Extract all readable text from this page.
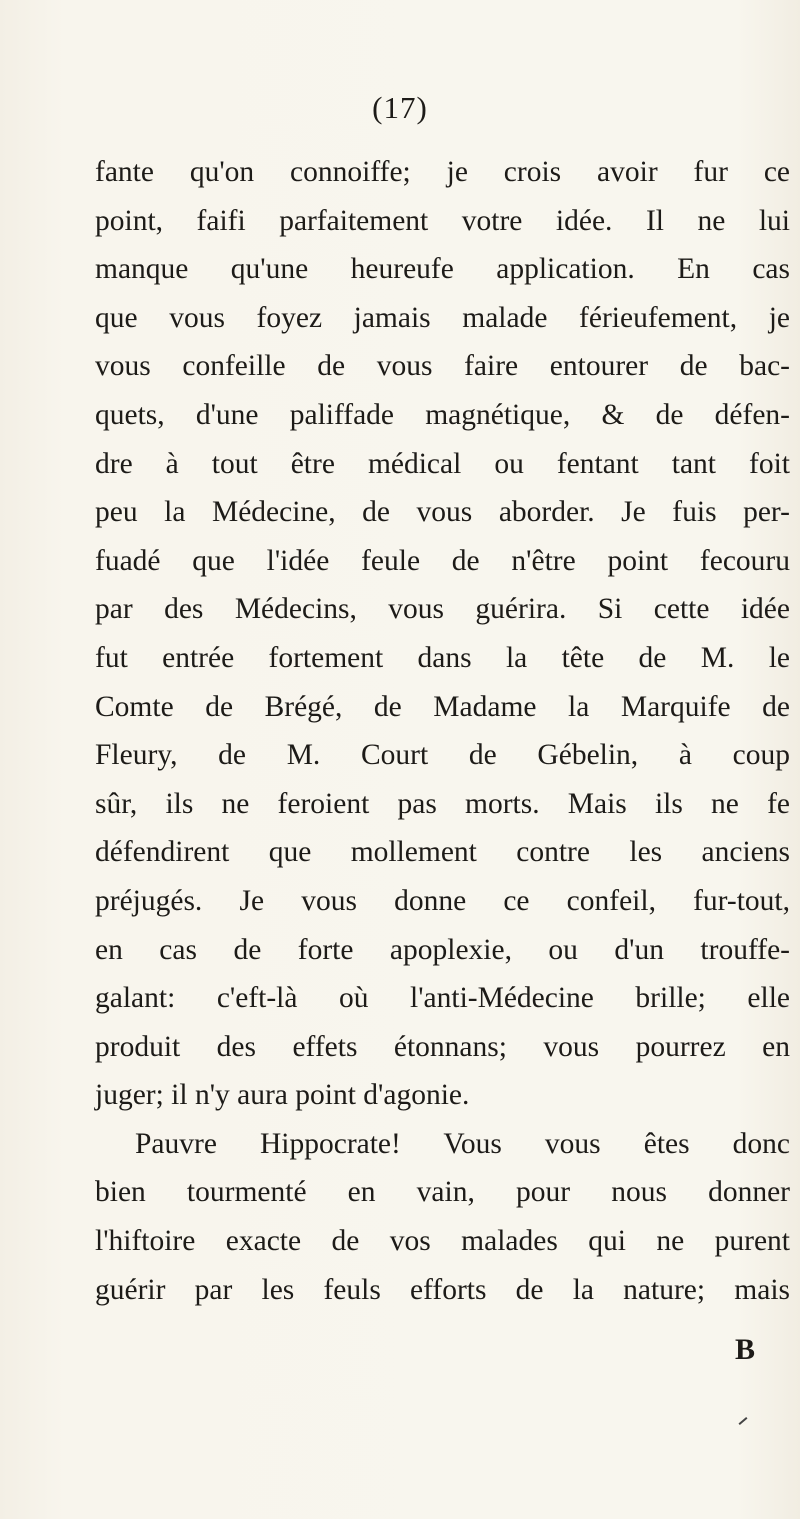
(17)
fante qu'on connoiffe; je crois avoir fur ce
point, faifi parfaitement votre idée. Il ne lui
manque qu'une heureufe application. En cas
que vous foyez jamais malade férieufement, je
vous confeille de vous faire entourer de bac-
quets, d'une paliffade magnétique, & de défen-
dre à tout être médical ou fentant tant foit
peu la Médecine, de vous aborder. Je fuis per-
fuadé que l'idée feule de n'être point fecouru
par des Médecins, vous guérira. Si cette idée
fut entrée fortement dans la tête de M. le
Comte de Brégé, de Madame la Marquife de
Fleury, de M. Court de Gébelin, à coup
sûr, ils ne feroient pas morts. Mais ils ne fe
défendirent que mollement contre les anciens
préjugés. Je vous donne ce confeil, fur-tout,
en cas de forte apoplexie, ou d'un trouffe-
galant: c'eft-là où l'anti-Médecine brille; elle
produit des effets étonnans; vous pourrez en
juger; il n'y aura point d'agonie.
Pauvre Hippocrate! Vous vous êtes donc
bien tourmenté en vain, pour nous donner
l'hiftoire exacte de vos malades qui ne purent
guérir par les feuls efforts de la nature; mais
B
